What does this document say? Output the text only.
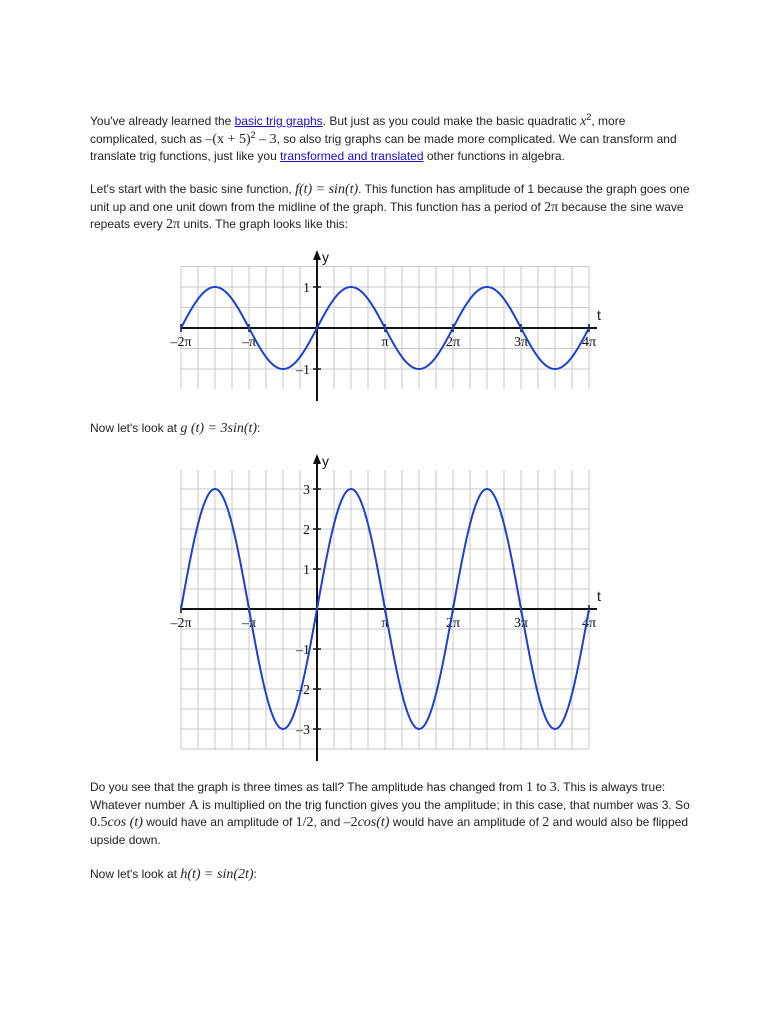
You've already learned the basic trig graphs. But just as you could make the basic quadratic $x^2$, more complicated, such as $-(x + 5)^2 - 3$, so also trig graphs can be made more complicated. We can transform and translate trig functions, just like you transformed and translated other functions in algebra.

Let's start with the basic sine function, f(t) = sin(t). This function has amplitude of 1 because the graph goes one unit up and one unit down from the midline of the graph. This function has a period of 2π because the sine wave repeats every 2π units. The graph looks like this:

y
t
–2π	–π	π	2π	3π	4π
1
–1

Now let's look at g (t) = 3sin(t):

y
t
–2π	–π	π	2π	3π	4π
3
2
1
–1
–2
–3

Do you see that the graph is three times as tall? The amplitude has changed from 1 to 3. This is always true: Whatever number A is multiplied on the trig function gives you the amplitude; in this case, that number was 3. So 0.5cos (t) would have an amplitude of 1/2, and –2cos(t) would have an amplitude of 2 and would also be flipped upside down.

Now let's look at h(t) = sin(2t):
